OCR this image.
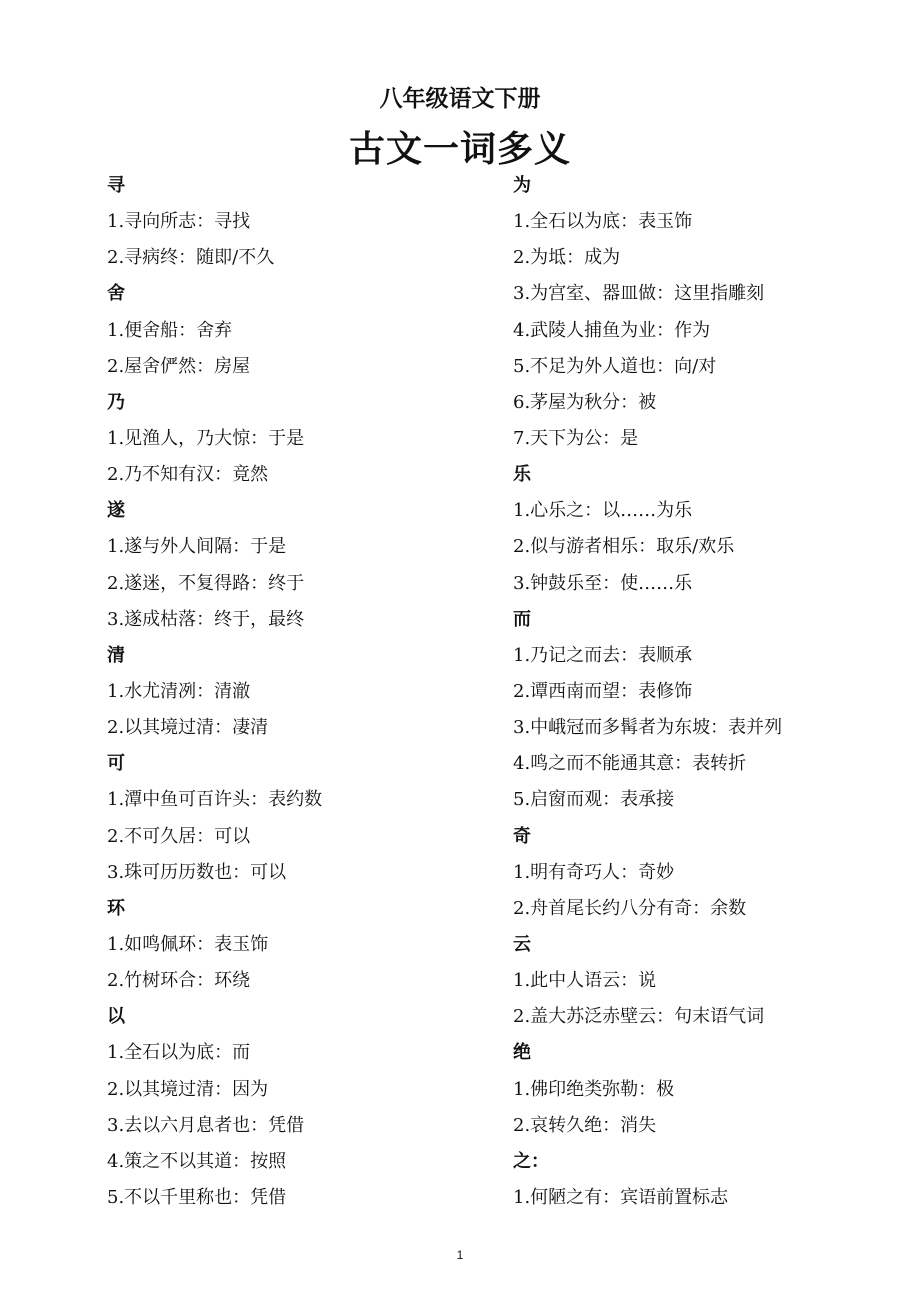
八年级语文下册
古文一词多义
寻
1.寻向所志：寻找
2.寻病终：随即/不久
舍
1.便舍船：舍弃
2.屋舍俨然：房屋
乃
1.见渔人，乃大惊：于是
2.乃不知有汉：竟然
遂
1.遂与外人间隔：于是
2.遂迷，不复得路：终于
3.遂成枯落：终于，最终
清
1.水尤清冽：清澈
2.以其境过清：凄清
可
1.潭中鱼可百许头：表约数
2.不可久居：可以
3.珠可历历数也：可以
环
1.如鸣佩环：表玉饰
2.竹树环合：环绕
以
1.全石以为底：而
2.以其境过清：因为
3.去以六月息者也：凭借
4.策之不以其道：按照
5.不以千里称也：凭借
为
1.全石以为底：表玉饰
2.为坻：成为
3.为宫室、器皿做：这里指雕刻
4.武陵人捕鱼为业：作为
5.不足为外人道也：向/对
6.茅屋为秋分：被
7.天下为公：是
乐
1.心乐之：以……为乐
2.似与游者相乐：取乐/欢乐
3.钟鼓乐至：使……乐
而
1.乃记之而去：表顺承
2.谭西南而望：表修饰
3.中峨冠而多髯者为东坡：表并列
4.鸣之而不能通其意：表转折
5.启窗而观：表承接
奇
1.明有奇巧人：奇妙
2.舟首尾长约八分有奇：余数
云
1.此中人语云：说
2.盖大苏泛赤壁云：句末语气词
绝
1.佛印绝类弥勒：极
2.哀转久绝：消失
之：
1.何陋之有：宾语前置标志
1
